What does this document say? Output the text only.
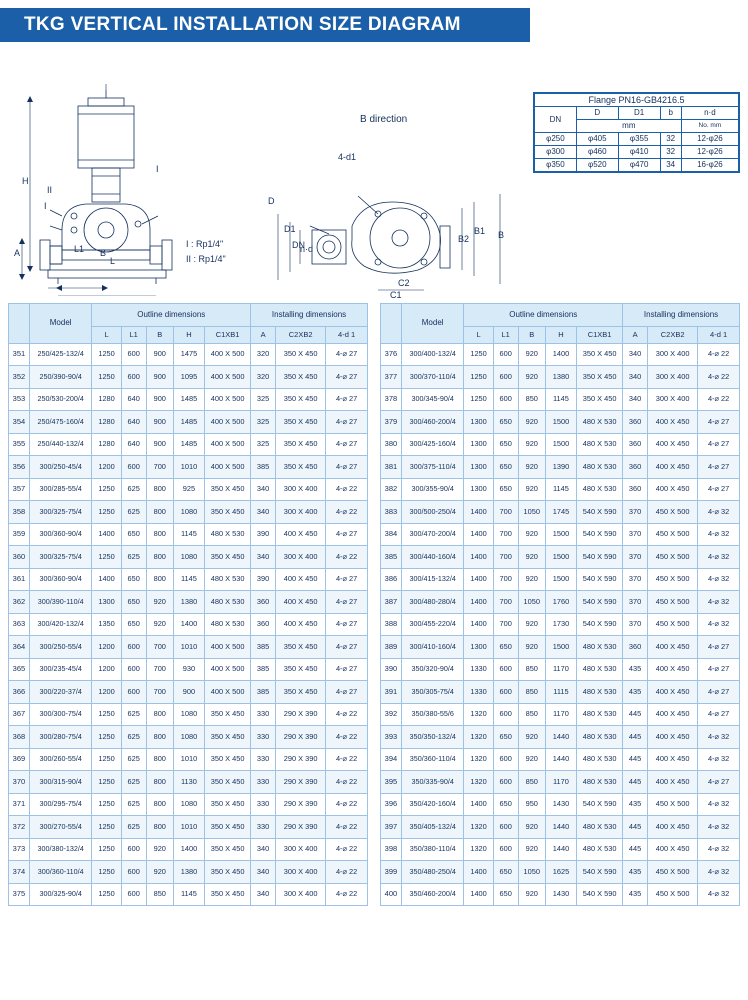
TKG VERTICAL INSTALLATION SIZE DIAGRAM
H
A	B
L1
L
II
I
I
I : Rp1/4"
II : Rp1/4"
B direction
4-d1
DN
D1
D
n·d
B2
B1 B
C2
C1
Flange PN16-GB4216.5				
DN	D	D1	b	n·d
	mm			No. mm
φ250	φ405	φ355	32	12-φ26
φ300	φ460	φ410	32	12-φ26
φ350	φ520	φ470	34	16-φ26
	Model	Outline dimensions					Installing dimensions		
		L	L1	B	H	C1XB1	A	C2XB2	4-d 1
351	250/425-132/4	1250	600	900	1475	400 X 500	320	350 X 450	4-⌀ 27
352	250/390-90/4	1250	600	900	1095	400 X 500	320	350 X 450	4-⌀ 27
353	250/530-200/4	1280	640	900	1485	400 X 500	325	350 X 450	4-⌀ 27
354	250/475-160/4	1280	640	900	1485	400 X 500	325	350 X 450	4-⌀ 27
355	250/440-132/4	1280	640	900	1485	400 X 500	325	350 X 450	4-⌀ 27
356	300/250-45/4	1200	600	700	1010	400 X 500	385	350 X 450	4-⌀ 27
357	300/285-55/4	1250	625	800	925	350 X 450	340	300 X 400	4-⌀ 22
358	300/325-75/4	1250	625	800	1080	350 X 450	340	300 X 400	4-⌀ 22
359	300/360-90/4	1400	650	800	1145	480 X 530	390	400 X 450	4-⌀ 27
360	300/325-75/4	1250	625	800	1080	350 X 450	340	300 X 400	4-⌀ 22
361	300/360-90/4	1400	650	800	1145	480 X 530	390	400 X 450	4-⌀ 27
362	300/390-110/4	1300	650	920	1380	480 X 530	360	400 X 450	4-⌀ 27
363	300/420-132/4	1350	650	920	1400	480 X 530	360	400 X 450	4-⌀ 27
364	300/250-55/4	1200	600	700	1010	400 X 500	385	350 X 450	4-⌀ 27
365	300/235-45/4	1200	600	700	930	400 X 500	385	350 X 450	4-⌀ 27
366	300/220-37/4	1200	600	700	900	400 X 500	385	350 X 450	4-⌀ 27
367	300/300-75/4	1250	625	800	1080	350 X 450	330	290 X 390	4-⌀ 22
368	300/280-75/4	1250	625	800	1080	350 X 450	330	290 X 390	4-⌀ 22
369	300/260-55/4	1250	625	800	1010	350 X 450	330	290 X 390	4-⌀ 22
370	300/315-90/4	1250	625	800	1130	350 X 450	330	290 X 390	4-⌀ 22
371	300/295-75/4	1250	625	800	1080	350 X 450	330	290 X 390	4-⌀ 22
372	300/270-55/4	1250	625	800	1010	350 X 450	330	290 X 390	4-⌀ 22
373	300/380-132/4	1250	600	920	1400	350 X 450	340	300 X 400	4-⌀ 22
374	300/360-110/4	1250	600	920	1380	350 X 450	340	300 X 400	4-⌀ 22
375	300/325-90/4	1250	600	850	1145	350 X 450	340	300 X 400	4-⌀ 22
	Model	Outline dimensions					Installing dimensions		
		L	L1	B	H	C1XB1	A	C2XB2	4-d 1
376	300/400-132/4	1250	600	920	1400	350 X 450	340	300 X 400	4-⌀ 22
377	300/370-110/4	1250	600	920	1380	350 X 450	340	300 X 400	4-⌀ 22
378	300/345-90/4	1250	600	850	1145	350 X 450	340	300 X 400	4-⌀ 22
379	300/460-200/4	1300	650	920	1500	480 X 530	360	400 X 450	4-⌀ 27
380	300/425-160/4	1300	650	920	1500	480 X 530	360	400 X 450	4-⌀ 27
381	300/375-110/4	1300	650	920	1390	480 X 530	360	400 X 450	4-⌀ 27
382	300/355-90/4	1300	650	920	1145	480 X 530	360	400 X 450	4-⌀ 27
383	300/500-250/4	1400	700	1050	1745	540 X 590	370	450 X 500	4-⌀ 32
384	300/470-200/4	1400	700	920	1500	540 X 590	370	450 X 500	4-⌀ 32
385	300/440-160/4	1400	700	920	1500	540 X 590	370	450 X 500	4-⌀ 32
386	300/415-132/4	1400	700	920	1500	540 X 590	370	450 X 500	4-⌀ 32
387	300/480-280/4	1400	700	1050	1760	540 X 590	370	450 X 500	4-⌀ 32
388	300/455-220/4	1400	700	920	1730	540 X 590	370	450 X 500	4-⌀ 32
389	300/410-160/4	1300	650	920	1500	480 X 530	360	400 X 450	4-⌀ 27
390	350/320-90/4	1330	600	850	1170	480 X 530	435	400 X 450	4-⌀ 27
391	350/305-75/4	1330	600	850	1115	480 X 530	435	400 X 450	4-⌀ 27
392	350/380-55/6	1320	600	850	1170	480 X 530	445	400 X 450	4-⌀ 27
393	350/350-132/4	1320	650	920	1440	480 X 530	445	400 X 450	4-⌀ 32
394	350/360-110/4	1320	600	920	1440	480 X 530	445	400 X 450	4-⌀ 32
395	350/335-90/4	1320	600	850	1170	480 X 530	445	400 X 450	4-⌀ 27
396	350/420-160/4	1400	650	950	1430	540 X 590	435	450 X 500	4-⌀ 32
397	350/405-132/4	1320	600	920	1440	480 X 530	445	400 X 450	4-⌀ 32
398	350/380-110/4	1320	600	920	1440	480 X 530	445	400 X 450	4-⌀ 32
399	350/480-250/4	1400	650	1050	1625	540 X 590	435	450 X 500	4-⌀ 32
400	350/460-200/4	1400	650	920	1430	540 X 590	435	450 X 500	4-⌀ 32
